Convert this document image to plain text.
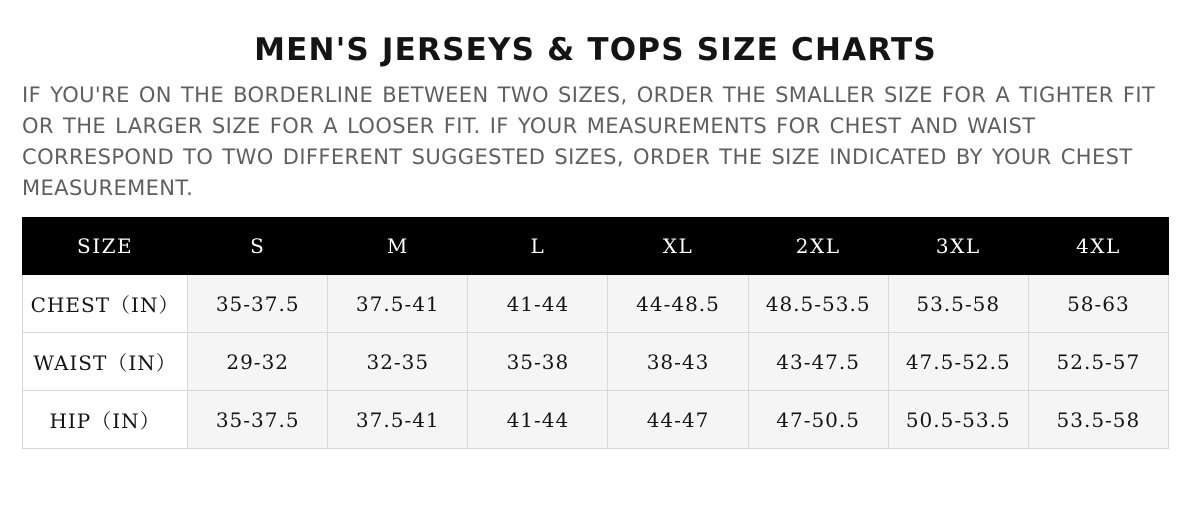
MEN'S JERSEYS & TOPS SIZE CHARTS

IF YOU'RE ON THE BORDERLINE BETWEEN TWO SIZES, ORDER THE SMALLER SIZE FOR A TIGHTER FIT OR THE LARGER SIZE FOR A LOOSER FIT. IF YOUR MEASUREMENTS FOR CHEST AND WAIST CORRESPOND TO TWO DIFFERENT SUGGESTED SIZES, ORDER THE SIZE INDICATED BY YOUR CHEST MEASUREMENT.

SIZE	S	M	L	XL	2XL	3XL	4XL
CHEST（IN）	35-37.5	37.5-41	41-44	44-48.5	48.5-53.5	53.5-58	58-63
WAIST（IN）	29-32	32-35	35-38	38-43	43-47.5	47.5-52.5	52.5-57
HIP（IN）	35-37.5	37.5-41	41-44	44-47	47-50.5	50.5-53.5	53.5-58
